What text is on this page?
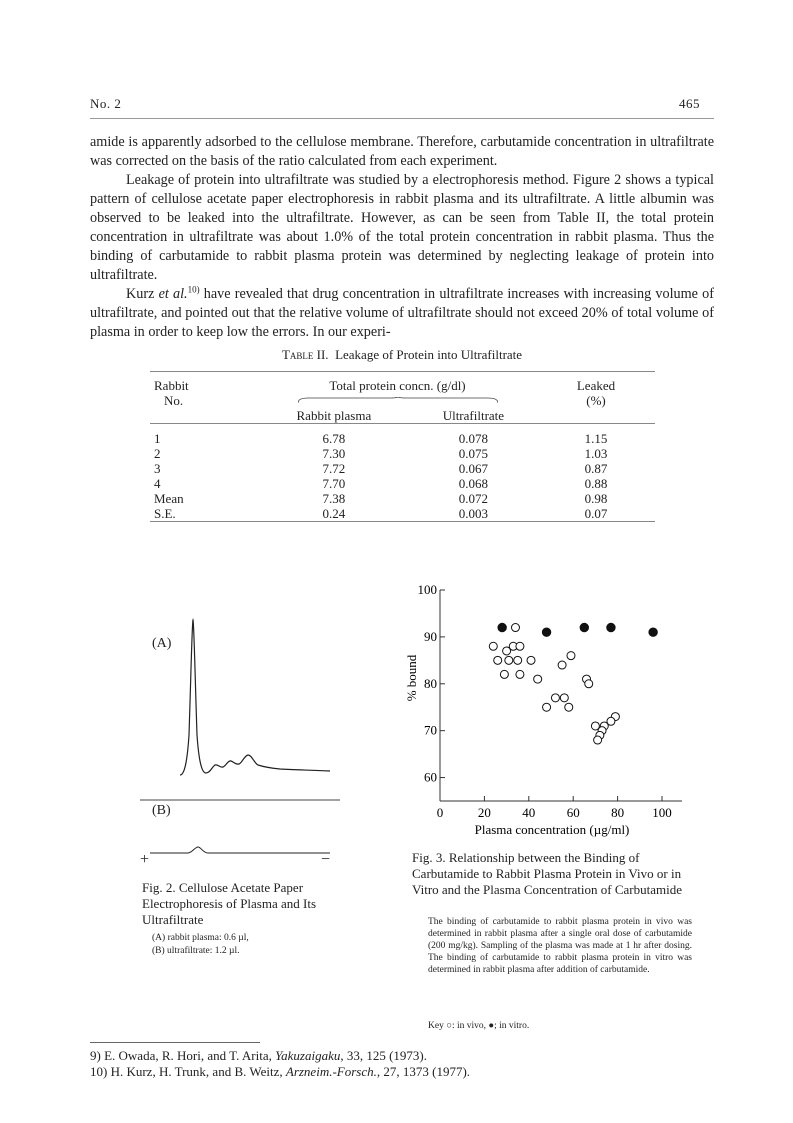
No. 2	465

amide is apparently adsorbed to the cellulose membrane. Therefore, carbutamide concentration in ultrafiltrate was corrected on the basis of the ratio calculated from each experiment.

Leakage of protein into ultrafiltrate was studied by a electrophoresis method. Figure 2 shows a typical pattern of cellulose acetate paper electrophoresis in rabbit plasma and its ultrafiltrate. A little albumin was observed to be leaked into the ultrafiltrate. However, as can be seen from Table II, the total protein concentration in ultrafiltrate was about 1.0% of the total protein concentration in rabbit plasma. Thus the binding of carbutamide to rabbit plasma protein was determined by neglecting leakage of protein into ultrafiltrate.

Kurz et al.$^{10)}$ have revealed that drug concentration in ultrafiltrate increases with increasing volume of ultrafiltrate, and pointed out that the relative volume of ultrafiltrate should not exceed 20% of total volume of plasma in order to keep low the errors. In our experi-

Table II. Leakage of Protein into Ultrafiltrate

Rabbit	Total protein concn. (g/dl)		Leaked
No.			(%)
	Rabbit plasma	Ultrafiltrate	

1	6.78	0.078	1.15
2	7.30	0.075	1.03
3	7.72	0.067	0.87
4	7.70	0.068	0.88
Mean	7.38	0.072	0.98
S.E.	0.24	0.003	0.07

(A)
(B)
+	−
Fig. 2. Cellulose Acetate Paper Electrophoresis of Plasma and Its Ultrafiltrate
(A) rabbit plasma: 0.6 µl,
(B) ultrafiltrate: 1.2 µl.
0	20 40 60 80 100
60
70
80
90
100
% bound
Plasma concentration (µg/ml)
Fig. 3. Relationship between the Binding of Carbutamide to Rabbit Plasma Protein in Vivo or in Vitro and the Plasma Concentration of Carbutamide
The binding of carbutamide to rabbit plasma protein in vivo was determined in rabbit plasma after a single oral dose of carbutamide (200 mg/kg). Sampling of the plasma was made at 1 hr after dosing. The binding of carbutamide to rabbit plasma protein in vitro was determined in rabbit plasma after addition of carbutamide.
Key ○: in vivo, ●; in vitro.
9) E. Owada, R. Hori, and T. Arita, Yakuzaigaku, 33, 125 (1973).
10) H. Kurz, H. Trunk, and B. Weitz, Arzneim.-Forsch., 27, 1373 (1977).
